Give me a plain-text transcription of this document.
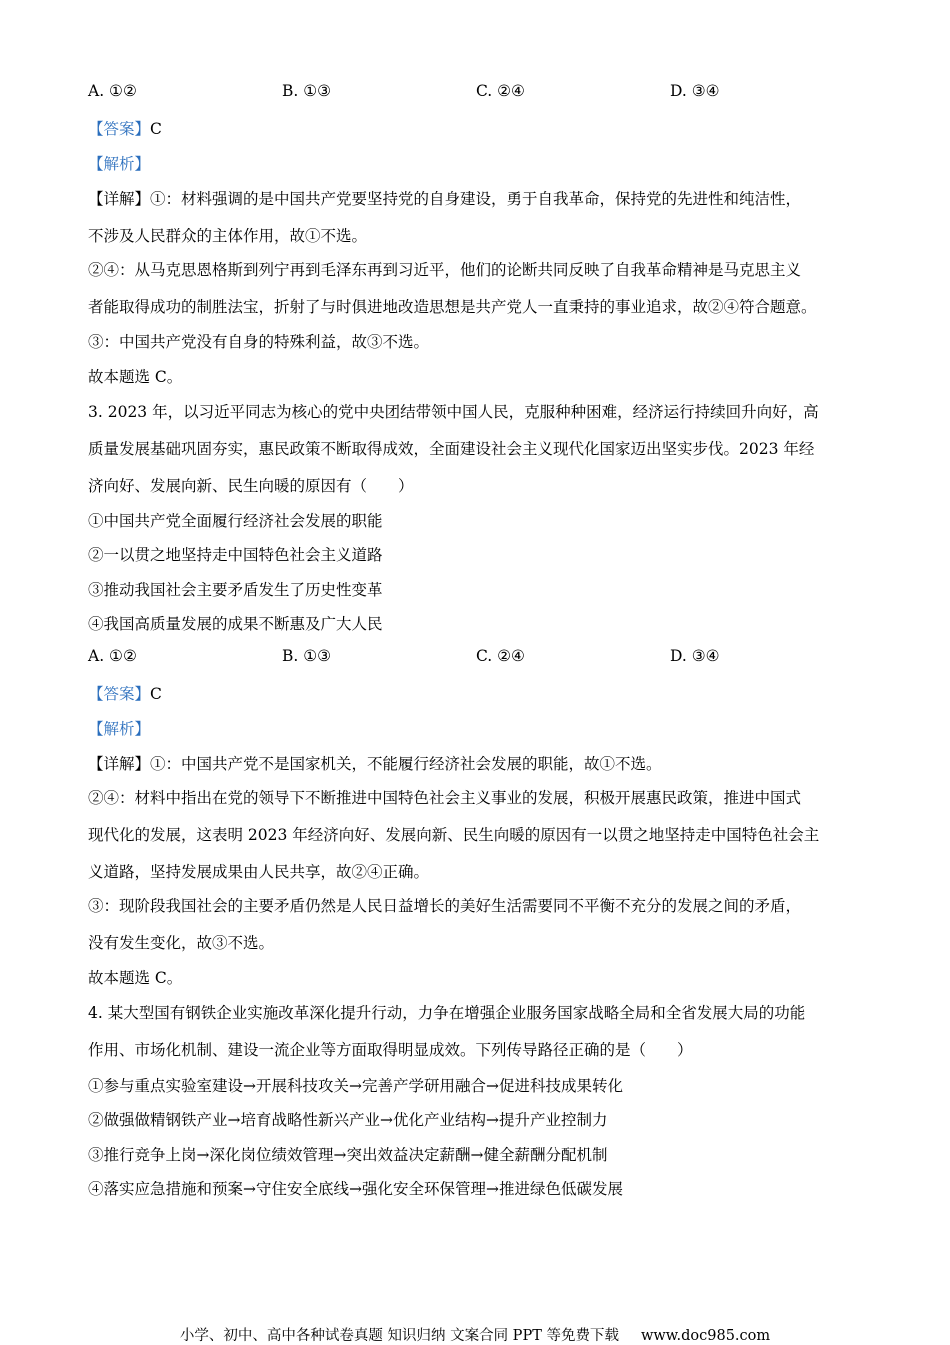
A. ①②	B. ①③	C. ②④	D. ③④
【答案】C
【解析】
【详解】①：材料强调的是中国共产党要坚持党的自身建设，勇于自我革命，保持党的先进性和纯洁性，
不涉及人民群众的主体作用，故①不选。
②④：从马克思恩格斯到列宁再到毛泽东再到习近平，他们的论断共同反映了自我革命精神是马克思主义
者能取得成功的制胜法宝，折射了与时俱进地改造思想是共产党人一直秉持的事业追求，故②④符合题意。
③：中国共产党没有自身的特殊利益，故③不选。
故本题选 C。
3. 2023 年，以习近平同志为核心的党中央团结带领中国人民，克服种种困难，经济运行持续回升向好，高
质量发展基础巩固夯实，惠民政策不断取得成效，全面建设社会主义现代化国家迈出坚实步伐。2023 年经
济向好、发展向新、民生向暖的原因有（　　）
①中国共产党全面履行经济社会发展的职能
②一以贯之地坚持走中国特色社会主义道路
③推动我国社会主要矛盾发生了历史性变革
④我国高质量发展的成果不断惠及广大人民
A. ①②	B. ①③	C. ②④	D. ③④
【答案】C
【解析】
【详解】①：中国共产党不是国家机关，不能履行经济社会发展的职能，故①不选。
②④：材料中指出在党的领导下不断推进中国特色社会主义事业的发展，积极开展惠民政策，推进中国式
现代化的发展，这表明 2023 年经济向好、发展向新、民生向暖的原因有一以贯之地坚持走中国特色社会主
义道路，坚持发展成果由人民共享，故②④正确。
③：现阶段我国社会的主要矛盾仍然是人民日益增长的美好生活需要同不平衡不充分的发展之间的矛盾，
没有发生变化，故③不选。
故本题选 C。
4. 某大型国有钢铁企业实施改革深化提升行动，力争在增强企业服务国家战略全局和全省发展大局的功能
作用、市场化机制、建设一流企业等方面取得明显成效。下列传导路径正确的是（　　）
①参与重点实验室建设→开展科技攻关→完善产学研用融合→促进科技成果转化
②做强做精钢铁产业→培育战略性新兴产业→优化产业结构→提升产业控制力
③推行竞争上岗→深化岗位绩效管理→突出效益决定薪酬→健全薪酬分配机制
④落实应急措施和预案→守住安全底线→强化安全环保管理→推进绿色低碳发展
小学、初中、高中各种试卷真题 知识归纳 文案合同 PPT 等免费下载 www.doc985.com
